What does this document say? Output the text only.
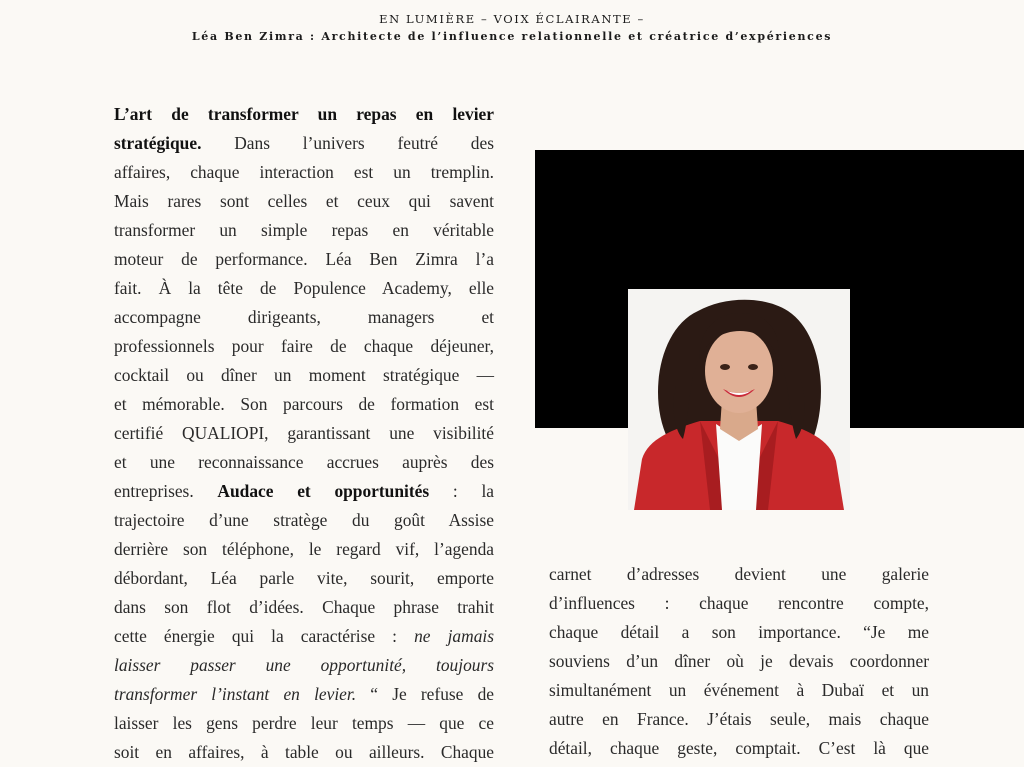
EN LUMIÈRE – VOIX ÉCLAIRANTE –
Léa Ben Zimra : Architecte de l’influence relationnelle et créatrice d’expériences
L’art de transformer un repas en levier
stratégique. Dans l’univers feutré des
affaires, chaque interaction est un tremplin.
Mais rares sont celles et ceux qui savent
transformer un simple repas en véritable
moteur de performance. Léa Ben Zimra l’a
fait. À la tête de Populence Academy, elle
accompagne dirigeants, managers et
professionnels pour faire de chaque déjeuner,
cocktail ou dîner un moment stratégique —
et mémorable. Son parcours de formation est
certifié QUALIOPI, garantissant une visibilité
et une reconnaissance accrues auprès des
entreprises. Audace et opportunités : la
trajectoire d’une stratège du goût Assise
derrière son téléphone, le regard vif, l’agenda
débordant, Léa parle vite, sourit, emporte
dans son flot d’idées. Chaque phrase trahit
cette énergie qui la caractérise : ne jamais
laisser passer une opportunité, toujours
transformer l’instant en levier. “ Je refuse de
laisser les gens perdre leur temps — que ce
soit en affaires, à table ou ailleurs. Chaque
carnet d’adresses devient une galerie
d’influences : chaque rencontre compte,
chaque détail a son importance. “Je me
souviens d’un dîner où je devais coordonner
simultanément un événement à Dubaï et un
autre en France. J’étais seule, mais chaque
détail, chaque geste, comptait. C’est là que
